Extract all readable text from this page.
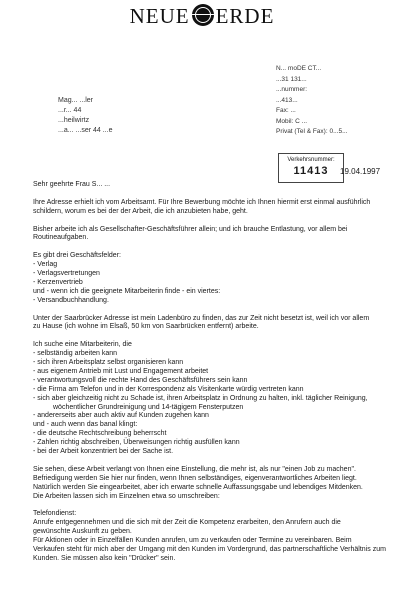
NEUE ERDE
Mag... ...ler
...r... 44
...heilwirtz
...a... ...ser 44 ...e
N... moDE CT...
...31 131...
...nummer:
...413...
Fax: ...
Mobil: C ...
Privat (Tel & Fax): 0...5...
Verkehrsnummer:
11413	19.04.1997

Sehr geehrte Frau S... ...

Ihre Adresse erhielt ich vom Arbeitsamt. Für Ihre Bewerbung möchte ich Ihnen hiermit erst einmal ausführlich
schildern, worum es bei der der Arbeit, die ich anzubieten habe, geht.

Bisher arbeite ich als Gesellschafter-Geschäftsführer allein; und ich brauche Entlastung, vor allem bei
Routineaufgaben.

Es gibt drei Geschäftsfelder:
- Verlag
- Verlagsvertretungen
- Kerzenvertrieb
und - wenn ich die geeignete Mitarbeiterin finde - ein viertes:
- Versandbuchhandlung.

Unter der Saarbrücker Adresse ist mein Ladenbüro zu finden, das zur Zeit nicht besetzt ist, weil ich vor allem
zu Hause (ich wohne im Elsaß, 50 km von Saarbrücken entfernt) arbeite.

Ich suche eine Mitarbeiterin, die
- selbständig arbeiten kann
- sich ihren Arbeitsplatz selbst organisieren kann
- aus eigenem Antrieb mit Lust und Engagement arbeitet
- verantwortungsvoll die rechte Hand des Geschäftsführers sein kann
- die Firma am Telefon und in der Korrespondenz als Visitenkarte würdig vertreten kann
- sich aber gleichzeitig nicht zu Schade ist, ihren Arbeitsplatz in Ordnung zu halten, inkl. täglicher Reinigung,
wöchentlicher Grundreinigung und 14-tägigem Fensterputzen
- andererseits aber auch aktiv auf Kunden zugehen kann
und - auch wenn das banal klingt:
- die deutsche Rechtschreibung beherrscht
- Zahlen richtig abschreiben, Überweisungen richtig ausfüllen kann
- bei der Arbeit konzentriert bei der Sache ist.

Sie sehen, diese Arbeit verlangt von Ihnen eine Einstellung, die mehr ist, als nur "einen Job zu machen".
Befriedigung werden Sie hier nur finden, wenn Ihnen selbständiges, eigenverantwortliches Arbeiten liegt.
Natürlich werden Sie eingearbeitet, aber ich erwarte schnelle Auffassungsgabe und lebendiges Mitdenken.
Die Arbeiten lassen sich im Einzelnen etwa so umschreiben:

Telefondienst:
Anrufe entgegennehmen und die sich mit der Zeit die Kompetenz erarbeiten, den Anrufern auch die
gewünschte Auskunft zu geben.
Für Aktionen oder in Einzelfällen Kunden anrufen, um zu verkaufen oder Termine zu vereinbaren. Beim
Verkaufen steht für mich aber der Umgang mit den Kunden im Vordergrund, das partnerschaftliche Verhältnis zum
Kunden. Sie müssen also kein "Drücker" sein.
